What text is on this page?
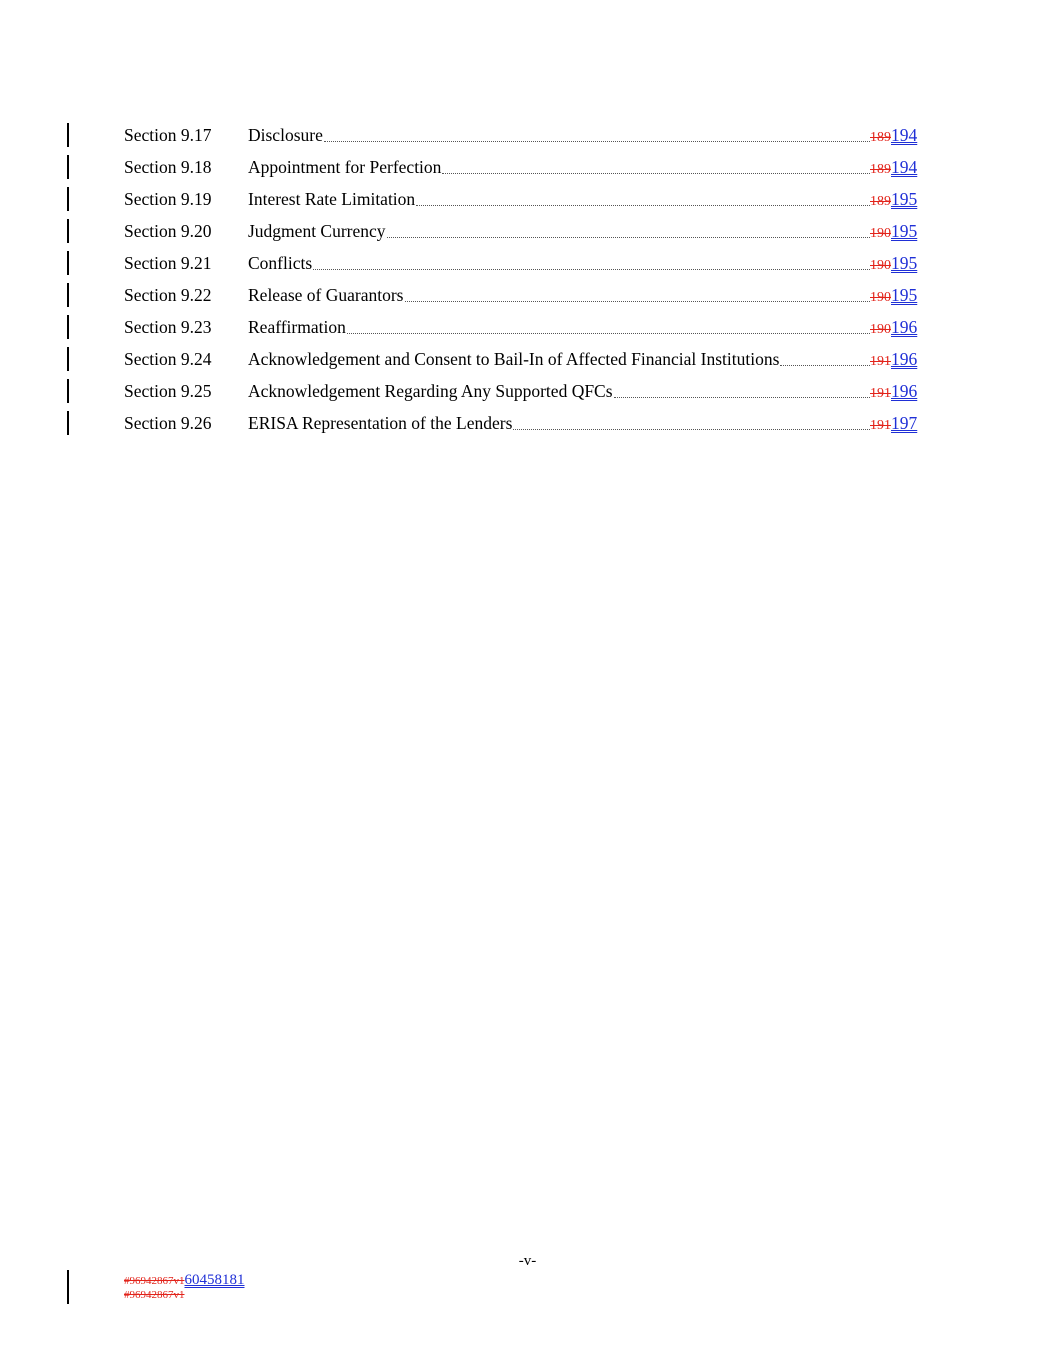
Section 9.17 Disclosure	189194
Section 9.18 Appointment for Perfection	189194
Section 9.19 Interest Rate Limitation	189195
Section 9.20 Judgment Currency	190195
Section 9.21 Conflicts	190195
Section 9.22 Release of Guarantors	190195
Section 9.23 Reaffirmation	190196
Section 9.24 Acknowledgement and Consent to Bail-In of Affected Financial Institutions	191196
Section 9.25 Acknowledgement Regarding Any Supported QFCs	191196
Section 9.26 ERISA Representation of the Lenders	191197
-v-
#96942867v160458181
#96942867v1
